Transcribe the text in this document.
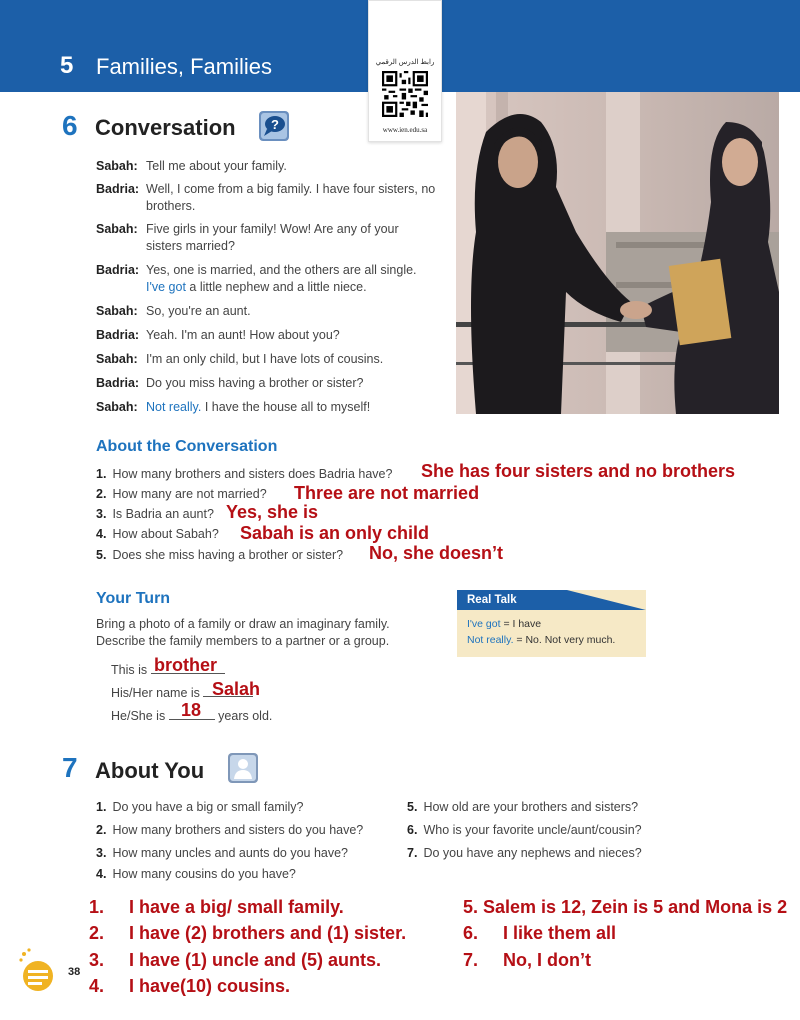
5 Families, Families	رابط الدرس الرقمي
www.ien.edu.sa
6 Conversation	?
Sabah: Tell me about your family.
Badria: Well, I come from a big family. I have four sisters, no brothers.
Sabah: Five girls in your family! Wow! Are any of your sisters married?
Badria: Yes, one is married, and the others are all single.
I've got a little nephew and a little niece.
Sabah: So, you're an aunt.
Badria: Yeah. I'm an aunt! How about you?
Sabah: I'm an only child, but I have lots of cousins.
Badria: Do you miss having a brother or sister?
Sabah: Not really. I have the house all to myself!
About the Conversation
1. How many brothers and sisters does Badria have? She has four sisters and no brothers
2. How many are not married? Three are not married
3. Is Badria an aunt? Yes, she is
4. How about Sabah? Sabah is an only child
5. Does she miss having a brother or sister? No, she doesn’t
Your Turn
Bring a photo of a family or draw an imaginary family.
Describe the family members to a partner or a group.
This is brother
His/Her name is Salah
He/She is	years old.
18
Real Talk
I've got = I have
Not really. = No. Not very much.
7 About You
1. Do you have a big or small family?
2. How many brothers and sisters do you have?
3. How many uncles and aunts do you have?
4. How many cousins do you have?
5. How old are your brothers and sisters?
6. Who is your favorite uncle/aunt/cousin?
7. Do you have any nephews and nieces?
1. I have a big/ small family.
2. I have (2) brothers and (1) sister.
3. I have (1) uncle and (5) aunts.
4. I have(10) cousins.
5. Salem is 12, Zein is 5 and Mona is 2
6. I like them all
7. No, I don’t
38
